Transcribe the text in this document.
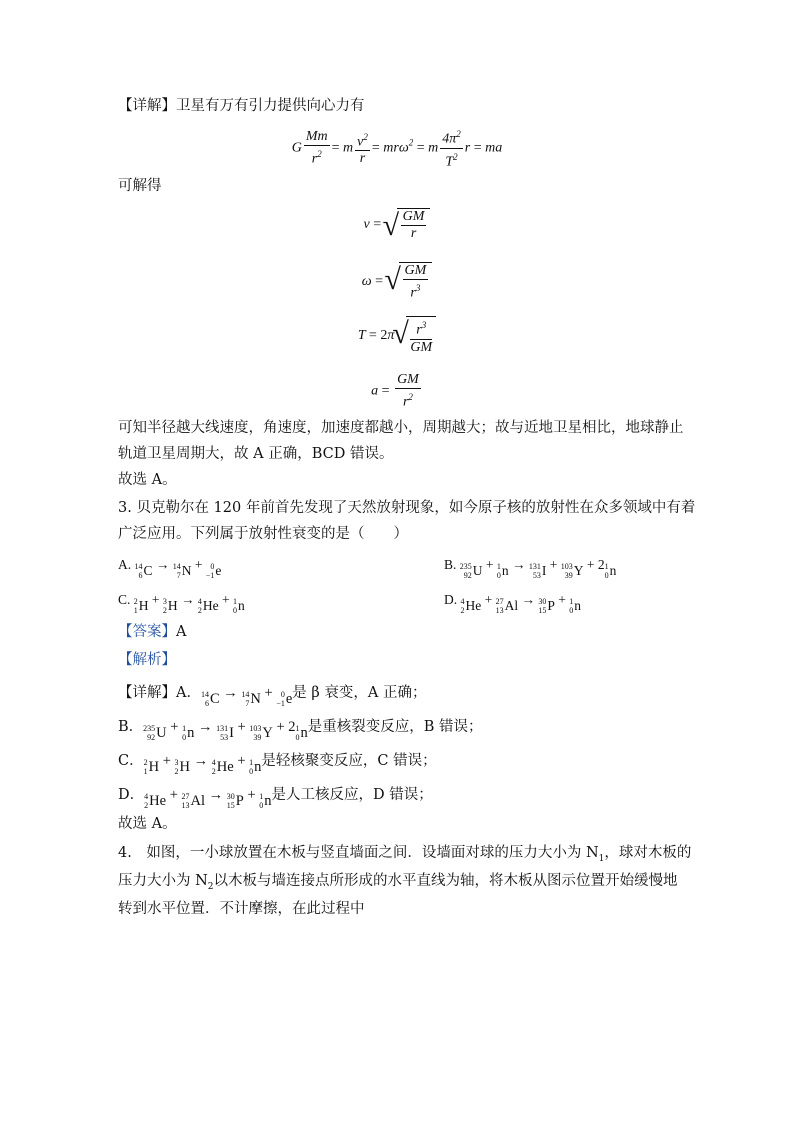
【详解】卫星有万有引力提供向心力有
G $\frac{Mm}{r^2} = m \frac{v^2}{r} = mr\omega^2 = m \frac{4\pi^2}{T^2}$ r = ma
可解得
v = √ $\frac{GM}{r}$
ω = √ $\frac{GM}{r^3}$
T = 2π √ $\frac{r^3}{GM}$
$a = \frac{GM}{r^2}$
可知半径越大线速度，角速度，加速度都越小，周期越大；故与近地卫星相比，地球静止
轨道卫星周期大，故 A 正确，BCD 错误。
故选 A。
3. 贝克勒尔在 120 年前首先发现了天然放射现象，如今原子核的放射性在众多领域中有着
广泛应用。下列属于放射性衰变的是（　　）
A. 14
6 C → 14
7 N + 0
−1 e	B. 235
92 U + 1
0 n → 131
53 I + 103
39 Y + 2 1
0 n
C. 2
1 H + 3
2 H → 4
2 He + 1
0 n	D. 4
2 He + 27
13 Al → 30
15 P + 1
0 n
【答案】A
【解析】
【详解】A． 14
6 C → 14
7 N + 0
−1 e是 β 衰变，A 正确；
B． 235
92 U + 1
0 n → 131
53 I + 103
39 Y + 2 1
0 n是重核裂变反应，B 错误；
C． 2
1 H + 3
2 H → 4
2 He + 1
0 n是轻核聚变反应，C 错误；
D． 4
2 He + 27
13 Al → 30
15 P + 1
0 n是人工核反应，D 错误；
故选 A。
4.　如图，一小球放置在木板与竖直墙面之间．设墙面对球的压力大小为 $N_1$，球对木板的
压力大小为 $N_2$以木板与墙连接点所形成的水平直线为轴，将木板从图示位置开始缓慢地
转到水平位置．不计摩擦，在此过程中
